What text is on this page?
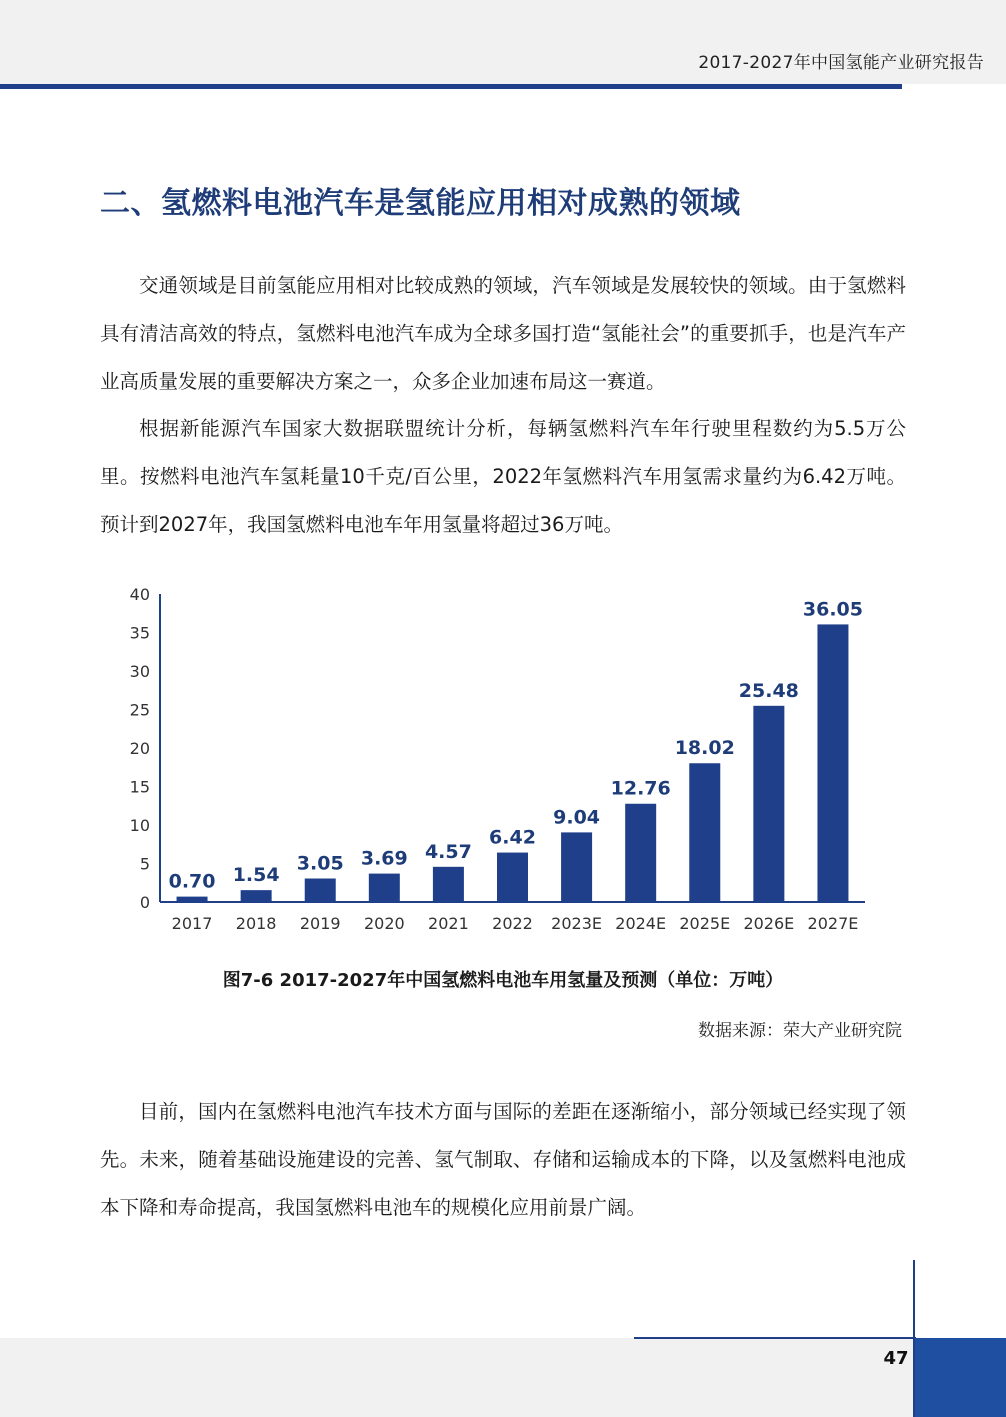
2017-2027年中国氢能产业研究报告
二、氢燃料电池汽车是氢能应用相对成熟的领域
交通领域是目前氢能应用相对比较成熟的领域，汽车领域是发展较快的领域。由于氢燃料具有清洁高效的特点，氢燃料电池汽车成为全球多国打造“氢能社会”的重要抓手，也是汽车产业高质量发展的重要解决方案之一，众多企业加速布局这一赛道。
根据新能源汽车国家大数据联盟统计分析，每辆氢燃料汽车年行驶里程数约为5.5万公里。按燃料电池汽车氢耗量10千克/百公里，2022年氢燃料汽车用氢需求量约为6.42万吨。预计到2027年，我国氢燃料电池车年用氢量将超过36万吨。
0
5
10
15
20
25
30
35
40
0.70
2017
1.54
2018
3.05
2019
3.69
2020
4.57
2021
6.42
2022
9.04
2023E
12.76
2024E
18.02
2025E
25.48
2026E
36.05
2027E
图7-6 2017-2027年中国氢燃料电池车用氢量及预测（单位：万吨）
数据来源：荣大产业研究院
目前，国内在氢燃料电池汽车技术方面与国际的差距在逐渐缩小，部分领域已经实现了领先。未来，随着基础设施建设的完善、氢气制取、存储和运输成本的下降，以及氢燃料电池成本下降和寿命提高，我国氢燃料电池车的规模化应用前景广阔。
47
